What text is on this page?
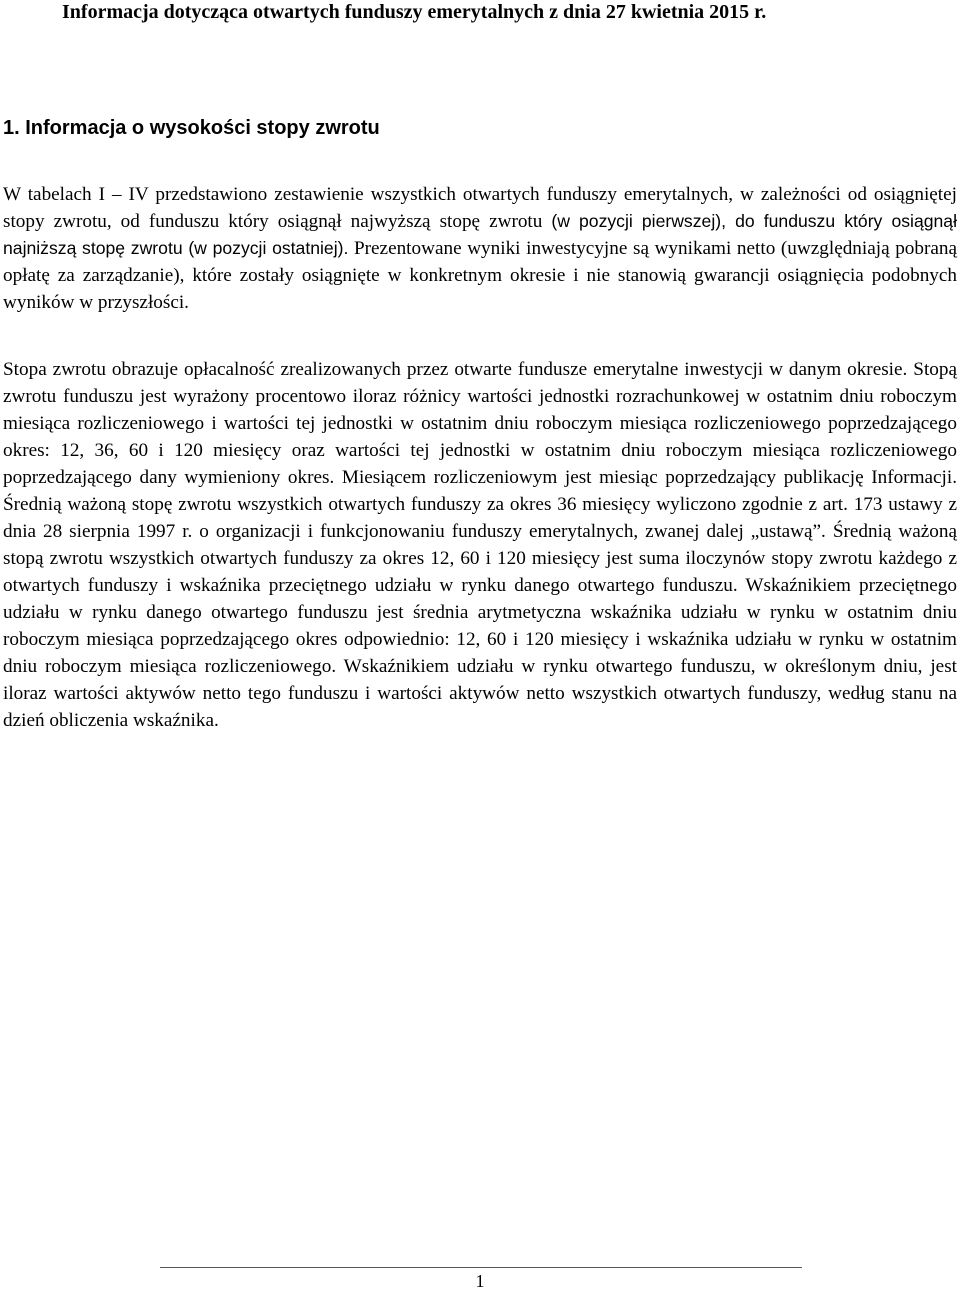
Informacja dotycząca otwartych funduszy emerytalnych z dnia 27 kwietnia 2015 r.
1. Informacja o wysokości stopy zwrotu
W tabelach I – IV przedstawiono zestawienie wszystkich otwartych funduszy emerytalnych, w zależności od osiągniętej stopy zwrotu, od funduszu który osiągnął najwyższą stopę zwrotu (w pozycji pierwszej), do funduszu który osiągnął najniższą stopę zwrotu (w pozycji ostatniej). Prezentowane wyniki inwestycyjne są wynikami netto (uwzględniają pobraną opłatę za zarządzanie), które zostały osiągnięte w konkretnym okresie i nie stanowią gwarancji osiągnięcia podobnych wyników w przyszłości.
Stopa zwrotu obrazuje opłacalność zrealizowanych przez otwarte fundusze emerytalne inwestycji w danym okresie. Stopą zwrotu funduszu jest wyrażony procentowo iloraz różnicy wartości jednostki rozrachunkowej w ostatnim dniu roboczym miesiąca rozliczeniowego i wartości tej jednostki w ostatnim dniu roboczym miesiąca rozliczeniowego poprzedzającego okres: 12, 36, 60 i 120 miesięcy oraz wartości tej jednostki w ostatnim dniu roboczym miesiąca rozliczeniowego poprzedzającego dany wymieniony okres. Miesiącem rozliczeniowym jest miesiąc poprzedzający publikację Informacji. Średnią ważoną stopę zwrotu wszystkich otwartych funduszy za okres 36 miesięcy wyliczono zgodnie z art. 173 ustawy z dnia 28 sierpnia 1997 r. o organizacji i funkcjonowaniu funduszy emerytalnych, zwanej dalej „ustawą”. Średnią ważoną stopą zwrotu wszystkich otwartych funduszy za okres 12, 60 i 120 miesięcy jest suma iloczynów stopy zwrotu każdego z otwartych funduszy i wskaźnika przeciętnego udziału w rynku danego otwartego funduszu. Wskaźnikiem przeciętnego udziału w rynku danego otwartego funduszu jest średnia arytmetyczna wskaźnika udziału w rynku w ostatnim dniu roboczym miesiąca poprzedzającego okres odpowiednio: 12, 60 i 120 miesięcy i wskaźnika udziału w rynku w ostatnim dniu roboczym miesiąca rozliczeniowego. Wskaźnikiem udziału w rynku otwartego funduszu, w określonym dniu, jest iloraz wartości aktywów netto tego funduszu i wartości aktywów netto wszystkich otwartych funduszy, według stanu na dzień obliczenia wskaźnika.
1
